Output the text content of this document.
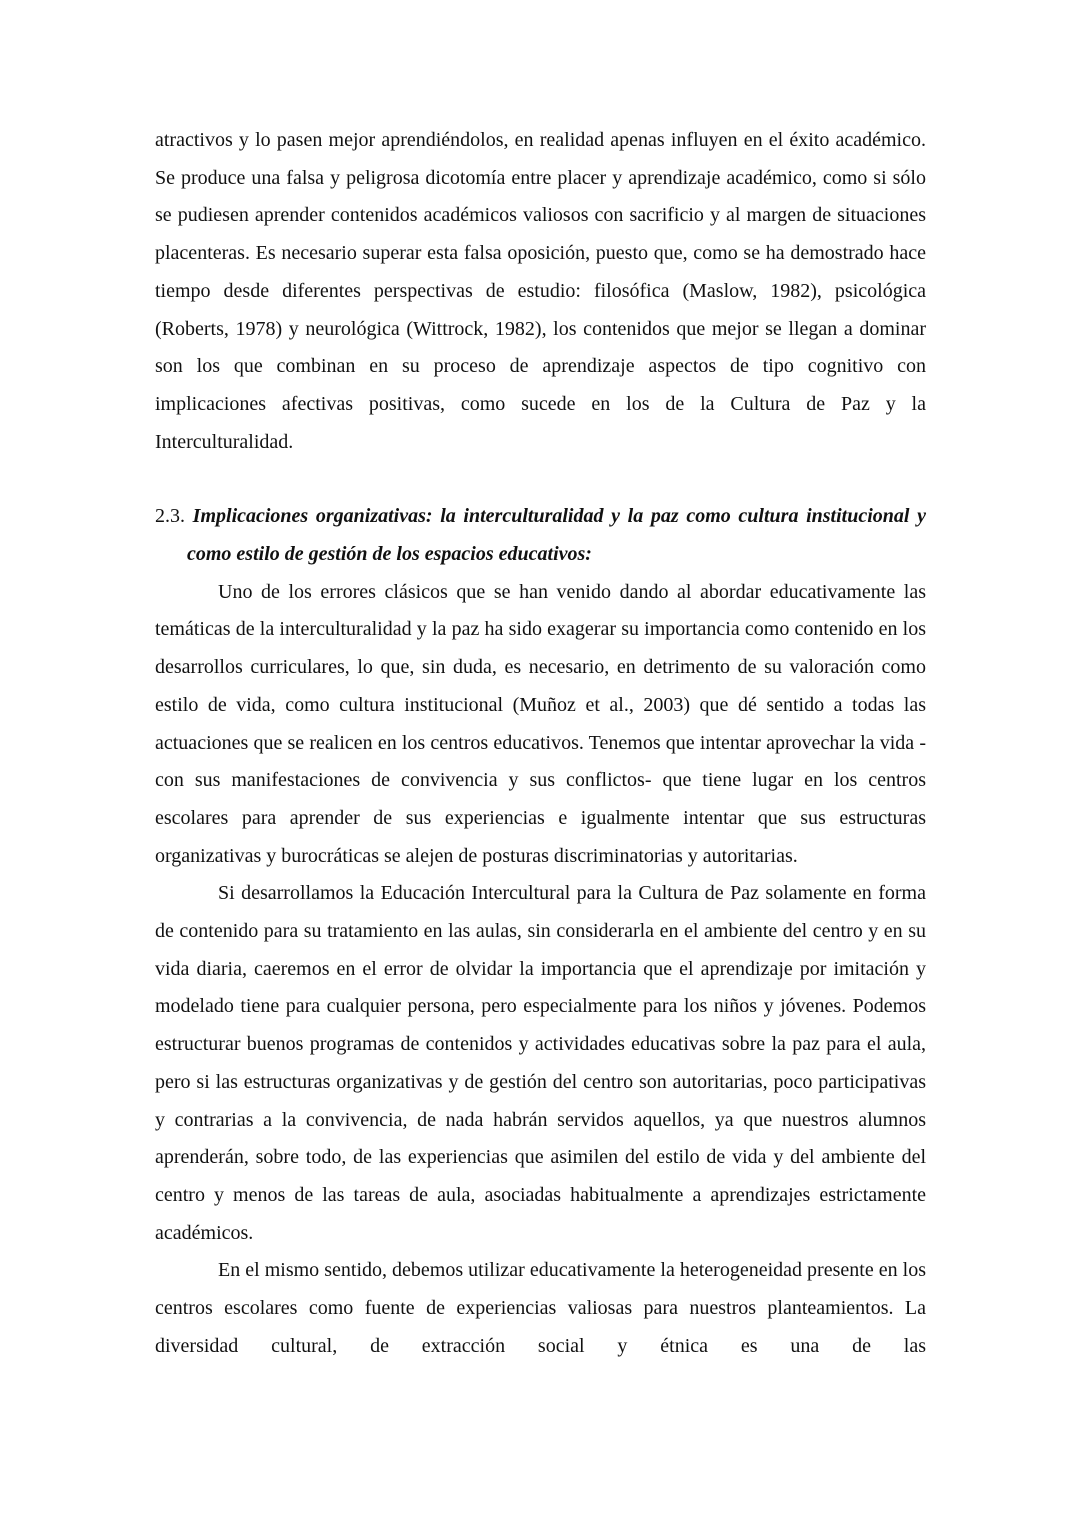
atractivos y lo pasen mejor aprendiéndolos, en realidad apenas influyen en el éxito académico. Se produce una falsa y peligrosa dicotomía entre placer y aprendizaje académico, como si sólo se pudiesen aprender contenidos académicos valiosos con sacrificio y al margen de situaciones placenteras. Es necesario superar esta falsa oposición, puesto que, como se ha demostrado hace tiempo desde diferentes perspectivas de estudio: filosófica (Maslow, 1982), psicológica (Roberts, 1978) y neurológica (Wittrock, 1982), los contenidos que mejor se llegan a dominar son los que combinan en su proceso de aprendizaje aspectos de tipo cognitivo con implicaciones afectivas positivas, como sucede en los de la Cultura de Paz y la Interculturalidad.

2.3. Implicaciones organizativas: la interculturalidad y la paz como cultura institucional y como estilo de gestión de los espacios educativos:

Uno de los errores clásicos que se han venido dando al abordar educativamente las temáticas de la interculturalidad y la paz ha sido exagerar su importancia como contenido en los desarrollos curriculares, lo que, sin duda, es necesario, en detrimento de su valoración como estilo de vida, como cultura institucional (Muñoz et al., 2003) que dé sentido a todas las actuaciones que se realicen en los centros educativos. Tenemos que intentar aprovechar la vida -con sus manifestaciones de convivencia y sus conflictos- que tiene lugar en los centros escolares para aprender de sus experiencias e igualmente intentar que sus estructuras organizativas y burocráticas se alejen de posturas discriminatorias y autoritarias.

Si desarrollamos la Educación Intercultural para la Cultura de Paz solamente en forma de contenido para su tratamiento en las aulas, sin considerarla en el ambiente del centro y en su vida diaria, caeremos en el error de olvidar la importancia que el aprendizaje por imitación y modelado tiene para cualquier persona, pero especialmente para los niños y jóvenes. Podemos estructurar buenos programas de contenidos y actividades educativas sobre la paz para el aula, pero si las estructuras organizativas y de gestión del centro son autoritarias, poco participativas y contrarias a la convivencia, de nada habrán servidos aquellos, ya que nuestros alumnos aprenderán, sobre todo, de las experiencias que asimilen del estilo de vida y del ambiente del centro y menos de las tareas de aula, asociadas habitualmente a aprendizajes estrictamente académicos.

En el mismo sentido, debemos utilizar educativamente la heterogeneidad presente en los centros escolares como fuente de experiencias valiosas para nuestros planteamientos. La diversidad cultural, de extracción social y étnica es una de las
